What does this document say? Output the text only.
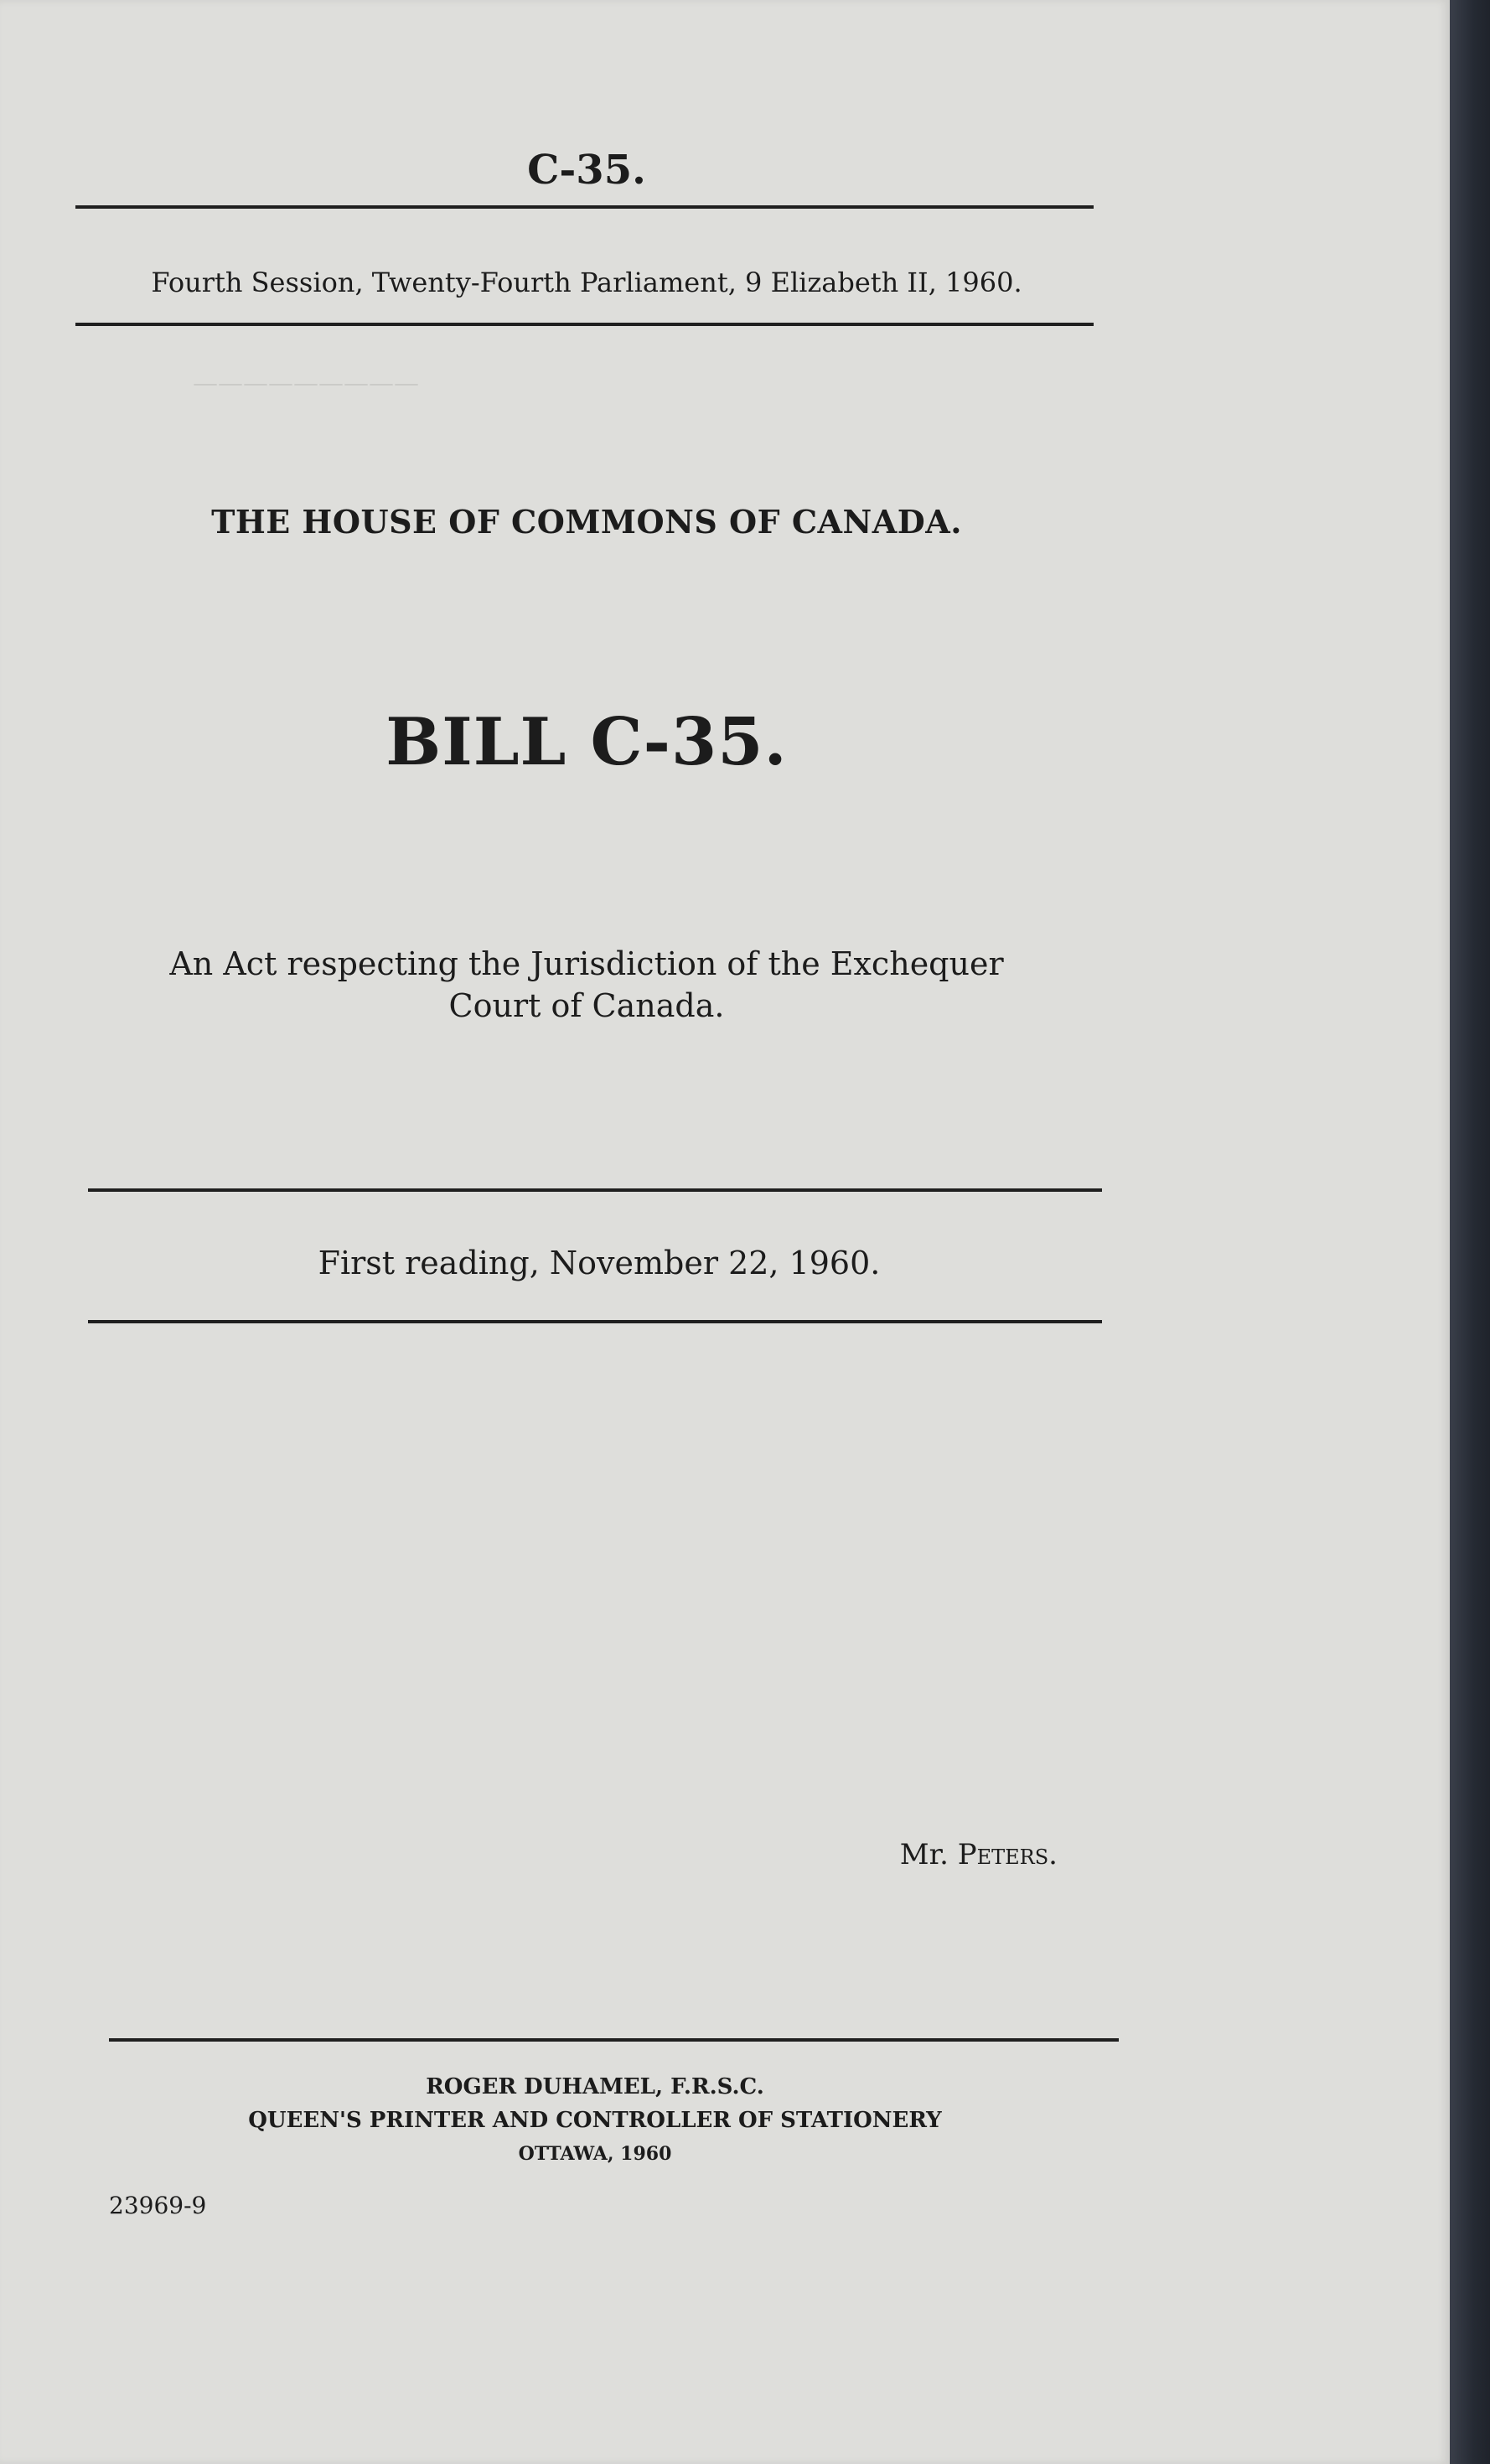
—————————
C-35.
Fourth Session, Twenty-Fourth Parliament, 9 Elizabeth II, 1960.
THE HOUSE OF COMMONS OF CANADA.
BILL C-35.
An Act respecting the Jurisdiction of the Exchequer
Court of Canada.
First reading, November 22, 1960.
Mr. Peters.
ROGER DUHAMEL, F.R.S.C.
QUEEN'S PRINTER AND CONTROLLER OF STATIONERY
OTTAWA, 1960
23969-9
